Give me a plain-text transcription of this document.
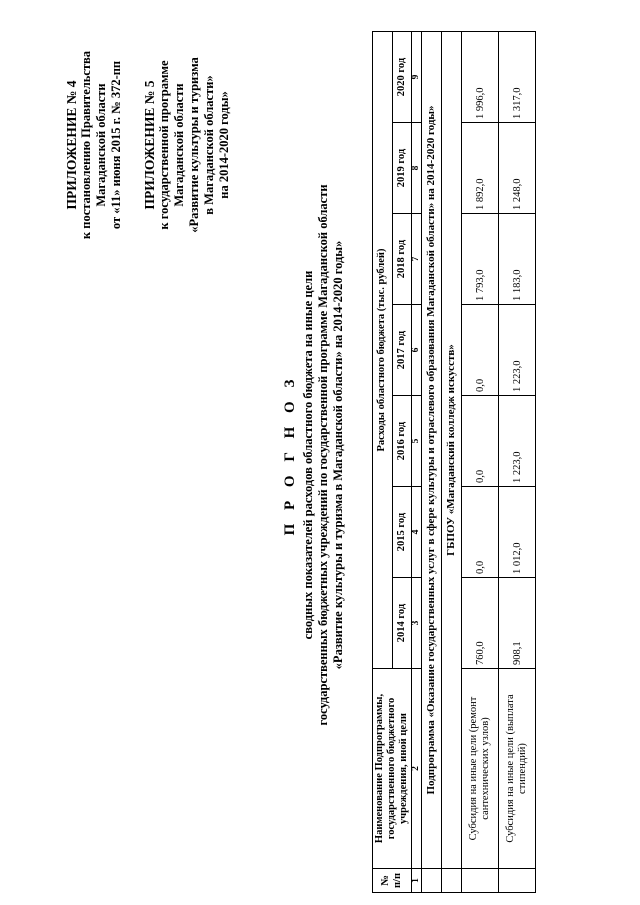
ПРИЛОЖЕНИЕ № 4 к постановлению Правительства Магаданской области от «11» июня 2015 г. № 372-пп ПРИЛОЖЕНИЕ № 5 к государственной программе Магаданской области «Развитие культуры и туризма в Магаданской области» на 2014-2020 годы»
П Р О Г Н О З сводных показателей расходов областного бюджета на иные цели государственных бюджетных учреждений по государственной программе Магаданской области «Развитие культуры и туризма в Магаданской области» на 2014-2020 годы»
№ п/п	Наименование Подпрограммы, государственного бюджетного учреждения, иной цели	Расходы областного бюджета (тыс. рублей)						
		2014 год	2015 год	2016 год	2017 год	2018 год	2019 год	2020 год
1	2	3	4	5	6	7	8	9
	Подпрограмма «Оказание государственных услуг в сфере культуры и отраслевого образования Магаданской области» на 2014-2020 годы»							
	ГБПОУ «Магаданский колледж искусств»							
	Субсидия на иные цели (ремонт сантехнических узлов)	760,0	0,0	0,0	0,0	1 793,0	1 892,0	1 996,0
	Субсидия на иные цели (выплата стипендий)	908,1	1 012,0	1 223,0	1 223,0	1 183,0	1 248,0	1 317,0
